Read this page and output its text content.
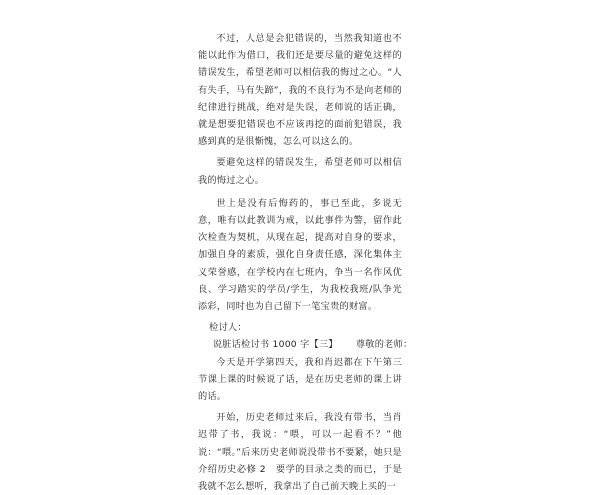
不过，人总是会犯错误的，当然我知道也不能以此作为借口，我们还是要尽量的避免这样的错误发生，希望老师可以相信我的悔过之心。“人有失手，马有失蹄”，我的不良行为不是向老师的纪律进行挑战，绝对是失误，老师说的话正确，就是想要犯错误也不应该再挖的面前犯错误，我感到真的是很惭愧，怎么可以这么的。

要避免这样的错误发生，希望老师可以相信我的悔过之心。

世上是没有后悔药的，事已至此，多说无意，唯有以此教训为戒，以此事件为警，留作此次检查为契机，从现在起，提高对自身的要求，加强自身的素质，强化自身责任感，深化集体主义荣誉感，在学校内在七班内，争当一名作风优良、学习踏实的学员/学生，为我校我班/队争光添彩，同时也为自己留下一笔宝贵的财富。

检讨人：

说脏话检讨书 1000 字【三】 尊敬的老师：

今天是开学第四天，我和肖迟都在下午第三节课上课的时候说了话，是在历史老师的课上讲的话。

开始，历史老师过来后，我没有带书，当肖迟带了书，我说：“喂，可以一起看不？”他说：“喂。”后来历史老师说没带书不要紧，她只是介绍历史必修 2　要学的目录之类的而已，于是我就不怎么想听，我拿出了自己前天晚上买的一
